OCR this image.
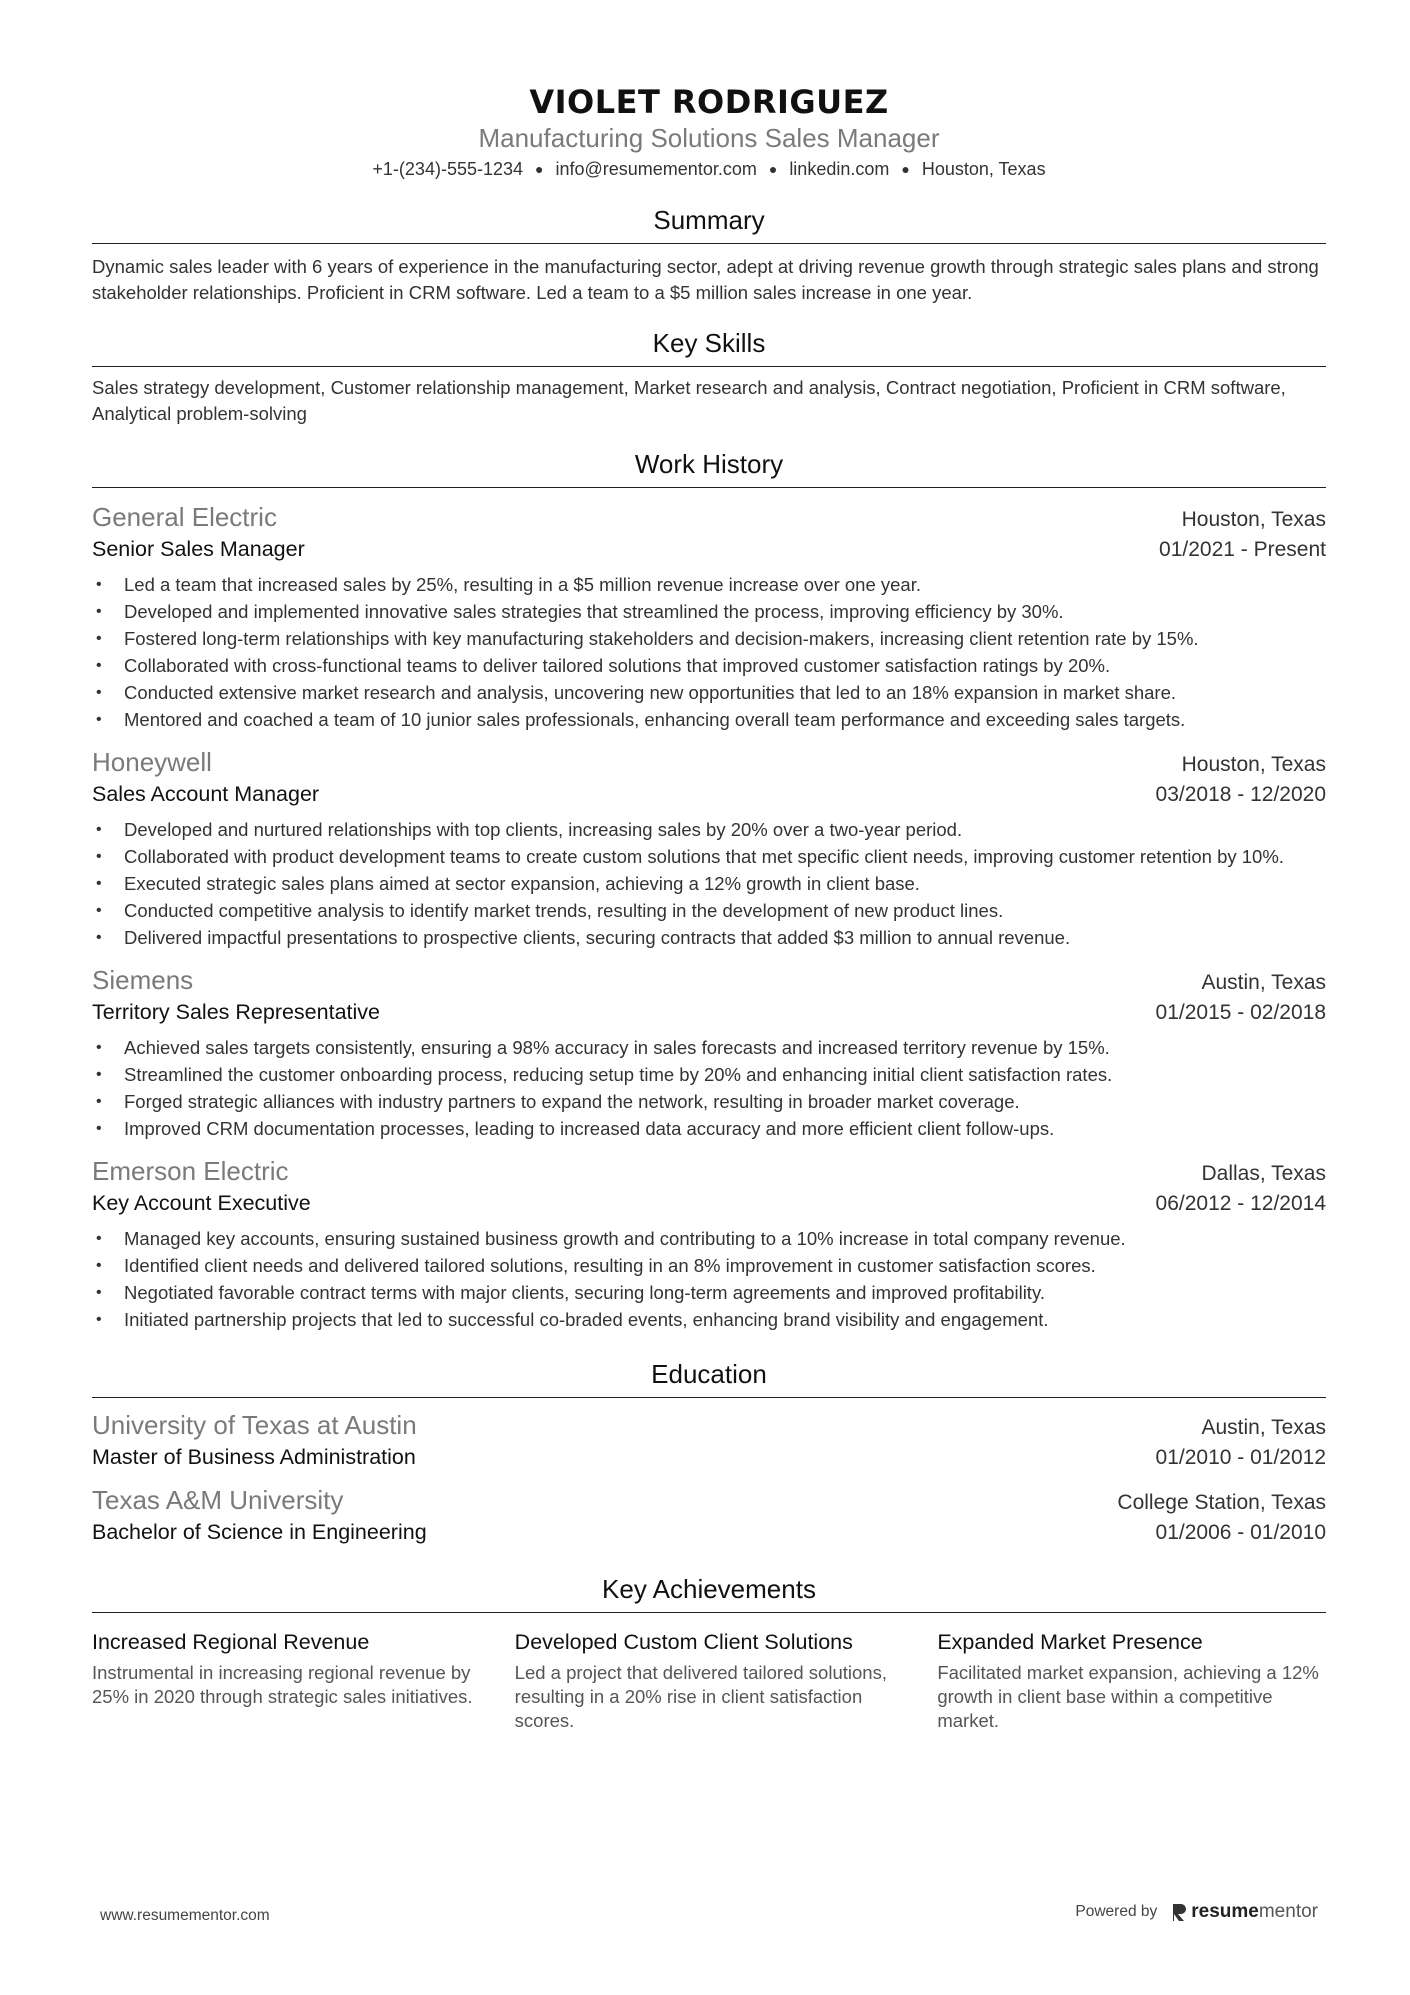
VIOLET RODRIGUEZ
Manufacturing Solutions Sales Manager
+1-(234)-555-1234 ● info@resumementor.com ● linkedin.com ● Houston, Texas
Summary
Dynamic sales leader with 6 years of experience in the manufacturing sector, adept at driving revenue growth through strategic sales plans and strong stakeholder relationships. Proficient in CRM software. Led a team to a $5 million sales increase in one year.
Key Skills
Sales strategy development, Customer relationship management, Market research and analysis, Contract negotiation, Proficient in CRM software, Analytical problem-solving
Work History
General Electric	Houston, Texas
Senior Sales Manager	01/2021 - Present
• Led a team that increased sales by 25%, resulting in a $5 million revenue increase over one year.
• Developed and implemented innovative sales strategies that streamlined the process, improving efficiency by 30%.
• Fostered long-term relationships with key manufacturing stakeholders and decision-makers, increasing client retention rate by 15%.
• Collaborated with cross-functional teams to deliver tailored solutions that improved customer satisfaction ratings by 20%.
• Conducted extensive market research and analysis, uncovering new opportunities that led to an 18% expansion in market share.
• Mentored and coached a team of 10 junior sales professionals, enhancing overall team performance and exceeding sales targets.
Honeywell	Houston, Texas
Sales Account Manager	03/2018 - 12/2020
• Developed and nurtured relationships with top clients, increasing sales by 20% over a two-year period.
• Collaborated with product development teams to create custom solutions that met specific client needs, improving customer retention by 10%.
• Executed strategic sales plans aimed at sector expansion, achieving a 12% growth in client base.
• Conducted competitive analysis to identify market trends, resulting in the development of new product lines.
• Delivered impactful presentations to prospective clients, securing contracts that added $3 million to annual revenue.
Siemens	Austin, Texas
Territory Sales Representative	01/2015 - 02/2018
• Achieved sales targets consistently, ensuring a 98% accuracy in sales forecasts and increased territory revenue by 15%.
• Streamlined the customer onboarding process, reducing setup time by 20% and enhancing initial client satisfaction rates.
• Forged strategic alliances with industry partners to expand the network, resulting in broader market coverage.
• Improved CRM documentation processes, leading to increased data accuracy and more efficient client follow-ups.
Emerson Electric	Dallas, Texas
Key Account Executive	06/2012 - 12/2014
• Managed key accounts, ensuring sustained business growth and contributing to a 10% increase in total company revenue.
• Identified client needs and delivered tailored solutions, resulting in an 8% improvement in customer satisfaction scores.
• Negotiated favorable contract terms with major clients, securing long-term agreements and improved profitability.
• Initiated partnership projects that led to successful co-braded events, enhancing brand visibility and engagement.
Education
University of Texas at Austin	Austin, Texas
Master of Business Administration	01/2010 - 01/2012
Texas A&M University	College Station, Texas
Bachelor of Science in Engineering	01/2006 - 01/2010
Key Achievements
Increased Regional Revenue
Instrumental in increasing regional revenue by 25% in 2020 through strategic sales initiatives.
Developed Custom Client Solutions
Led a project that delivered tailored solutions, resulting in a 20% rise in client satisfaction scores.
Expanded Market Presence
Facilitated market expansion, achieving a 12% growth in client base within a competitive market.
www.resumementor.com	Powered by resumementor
